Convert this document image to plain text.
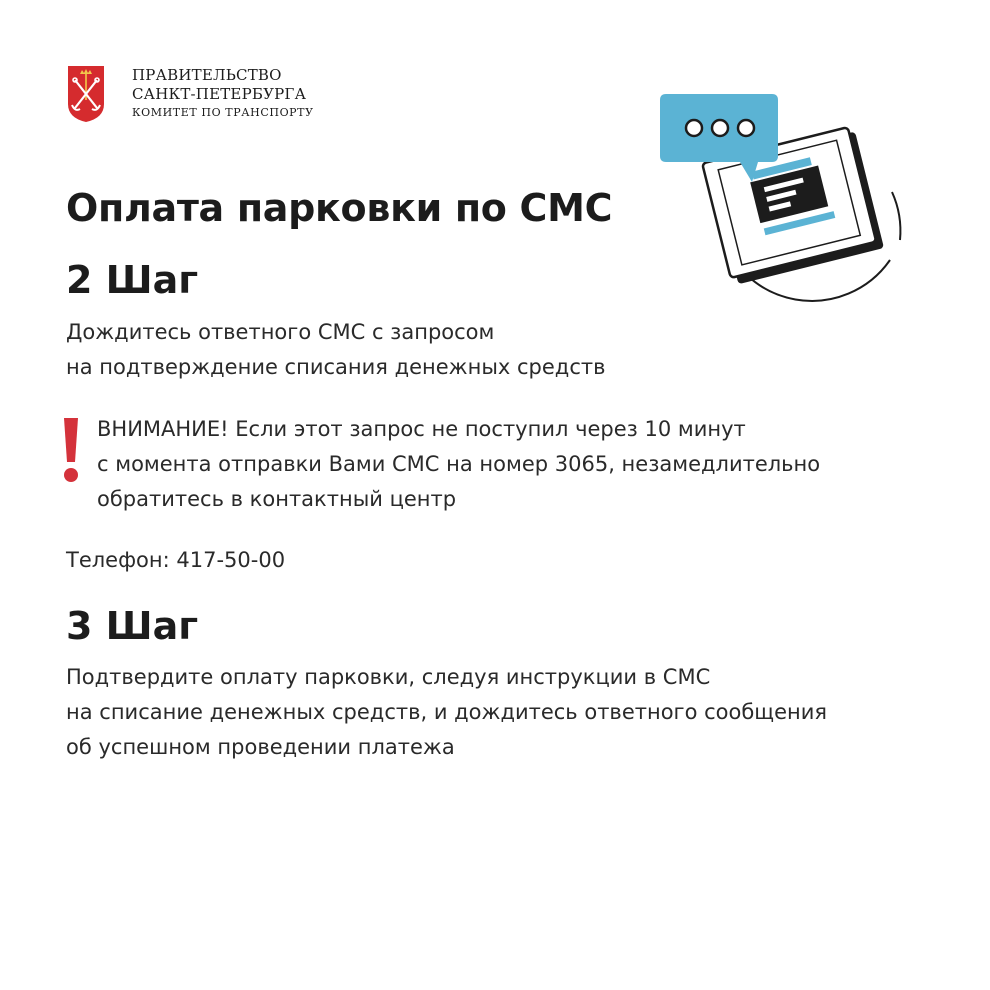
ПРАВИТЕЛЬСТВО
САНКТ-ПЕТЕРБУРГА
КОМИТЕТ ПО ТРАНСПОРТУ
Оплата парковки по СМС
2 Шаг
Дождитесь ответного СМС с запросом
на подтверждение списания денежных средств
ВНИМАНИЕ! Если этот запрос не поступил через 10 минут
с момента отправки Вами СМС на номер 3065, незамедлительно
обратитесь в контактный центр
Телефон: 417-50-00
3 Шаг
Подтвердите оплату парковки, следуя инструкции в СМС
на списание денежных средств, и дождитесь ответного сообщения
об успешном проведении платежа
